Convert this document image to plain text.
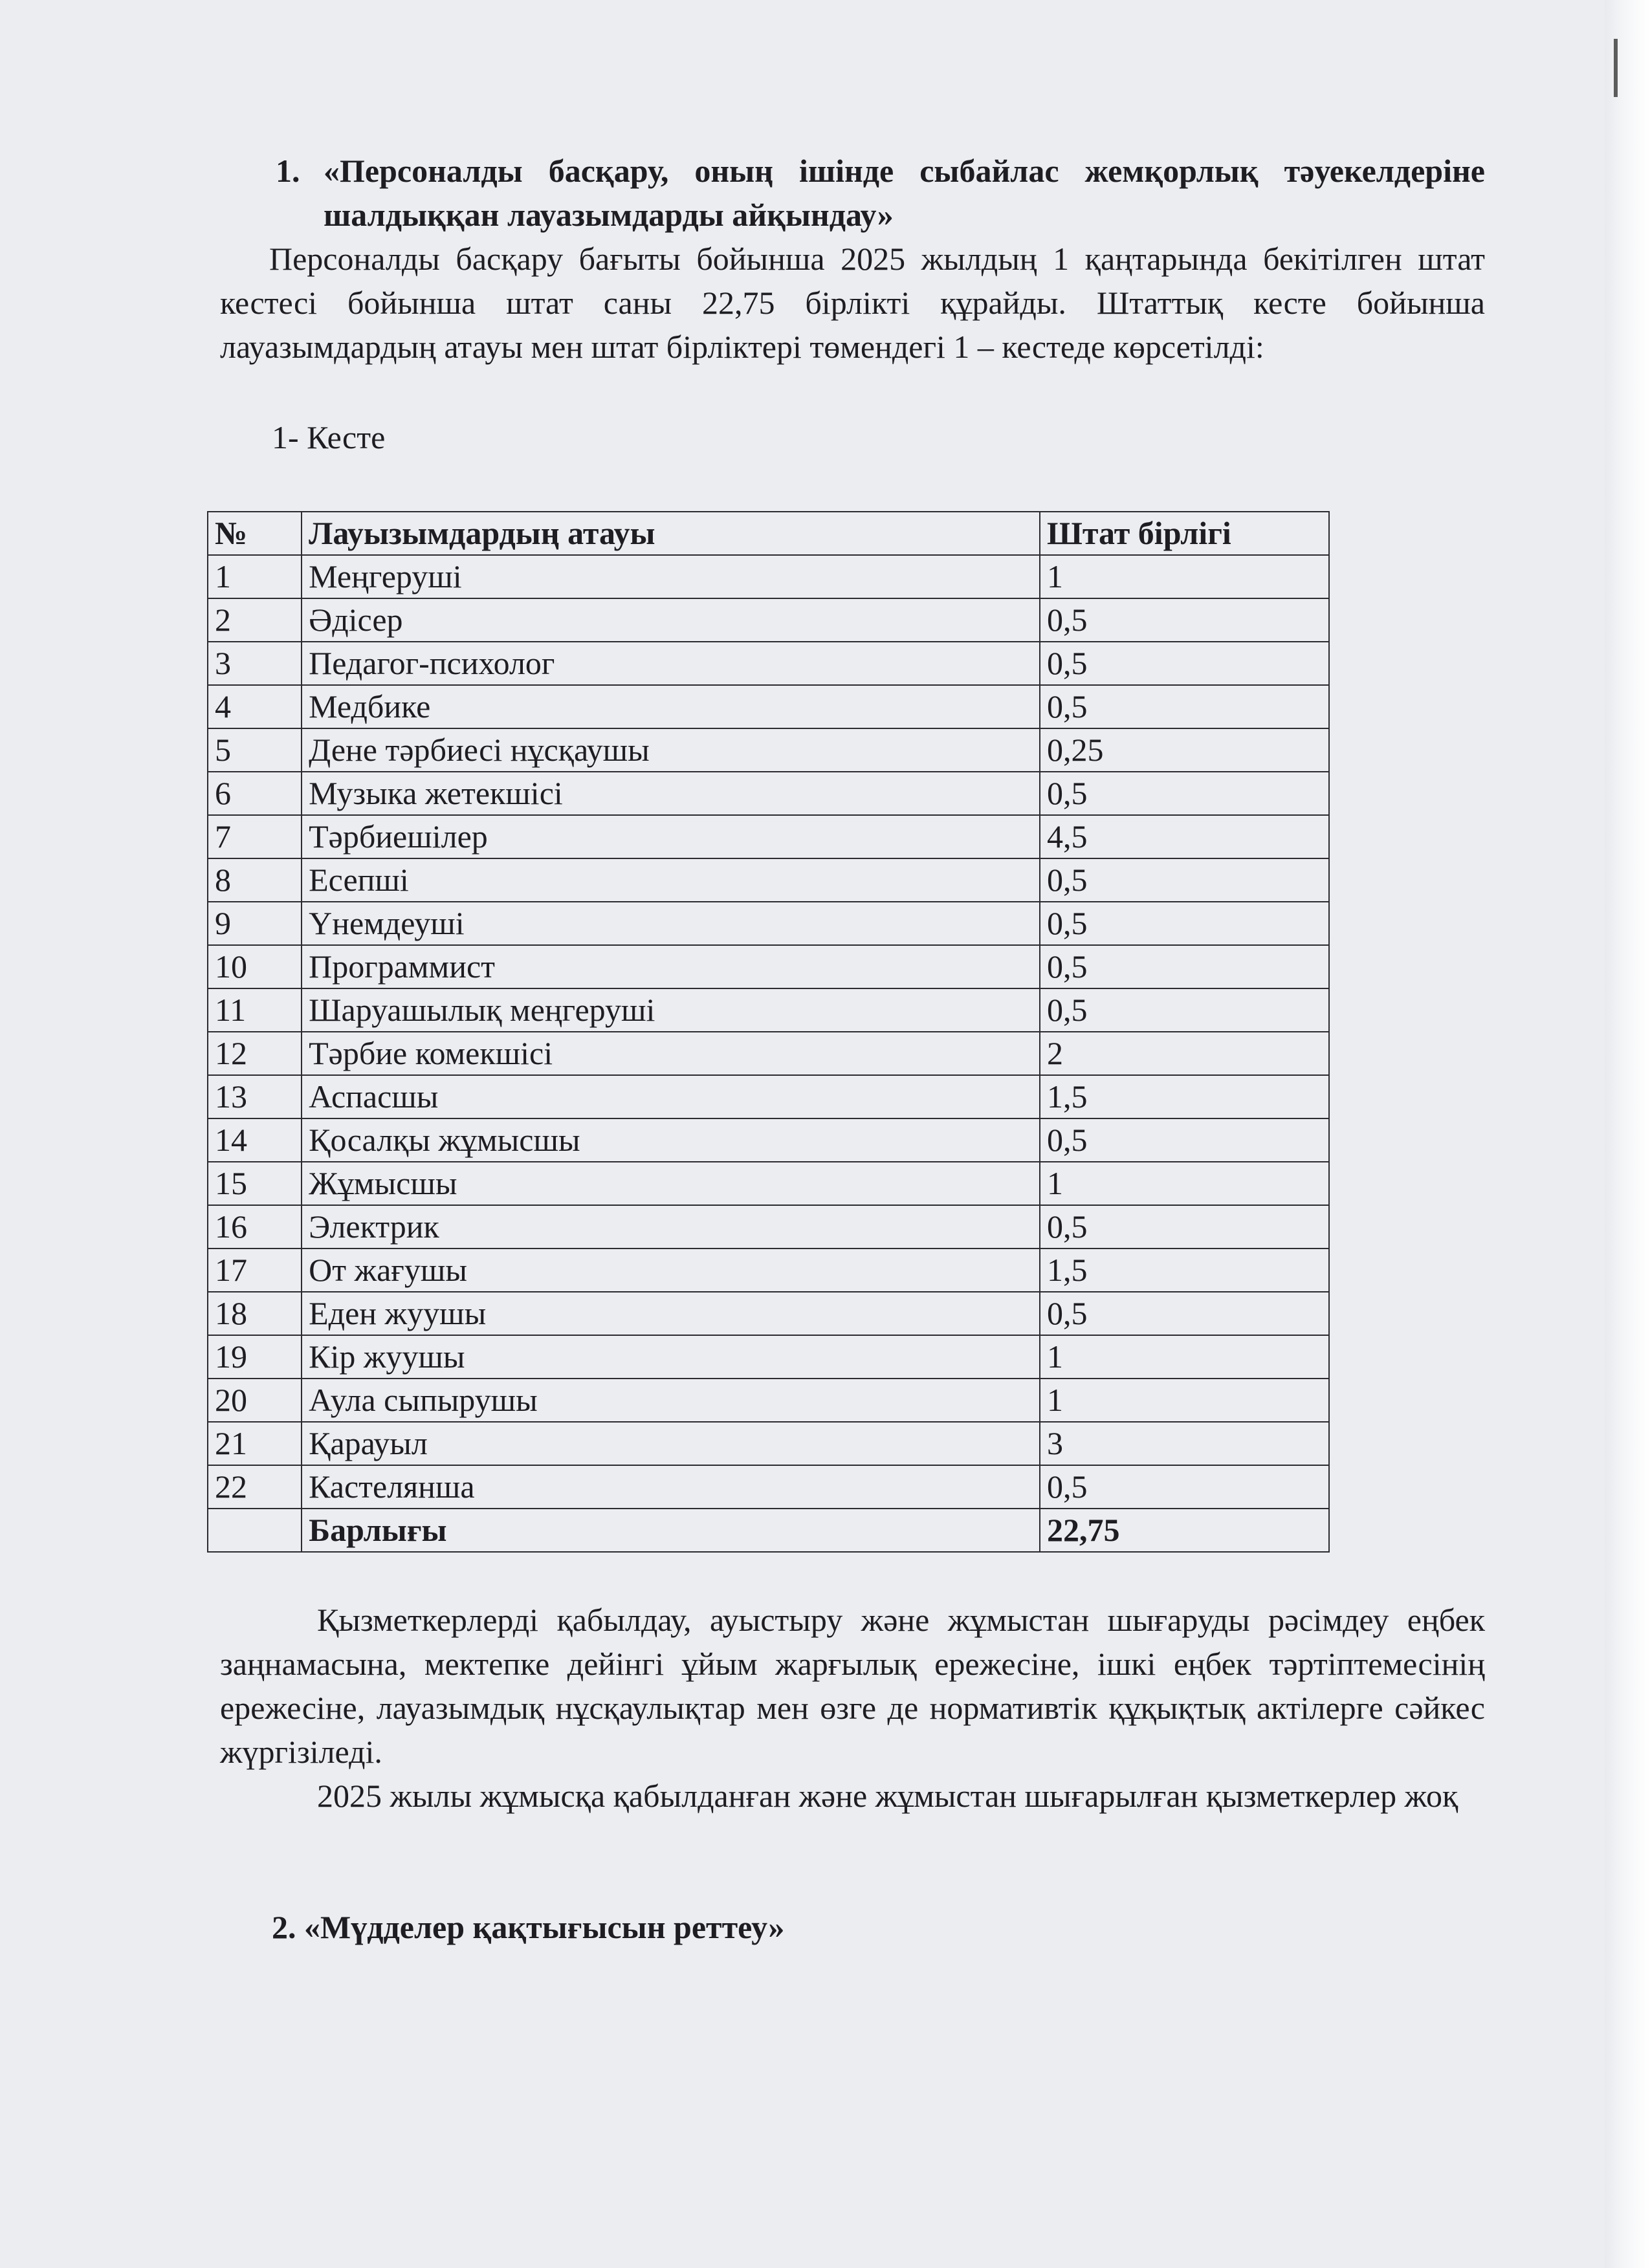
1. «Персоналды басқару, оның ішінде сыбайлас жемқорлық тәуекелдеріне шалдыққан лауазымдарды айқындау»

Персоналды басқару бағыты бойынша 2025 жылдың 1 қаңтарында бекітілген штат кестесі бойынша штат саны 22,75 бірлікті құрайды. Штаттық кесте бойынша лауазымдардың атауы мен штат бірліктері төмендегі 1 – кестеде көрсетілді:

1- Кесте
№	Лауызымдардың атауы	Штат бірлігі
1	Меңгеруші	1
2	Әдісер	0,5
3	Педагог-психолог	0,5
4	Медбике	0,5
5	Дене тәрбиесі нұсқаушы	0,25
6	Музыка жетекшісі	0,5
7	Тәрбиешілер	4,5
8	Есепші	0,5
9	Үнемдеуші	0,5
10	Программист	0,5
11	Шаруашылық меңгеруші	0,5
12	Тәрбие комекшісі	2
13	Аспасшы	1,5
14	Қосалқы жұмысшы	0,5
15	Жұмысшы	1
16	Электрик	0,5
17	От жағушы	1,5
18	Еден жуушы	0,5
19	Кір жуушы	1
20	Аула сыпырушы	1
21	Қарауыл	3
22	Кастелянша	0,5
	Барлығы	22,75

Қызметкерлерді қабылдау, ауыстыру және жұмыстан шығаруды рәсімдеу еңбек заңнамасына, мектепке дейінгі ұйым жарғылық ережесіне, ішкі еңбек тәртіптемесінің ережесіне, лауазымдық нұсқаулықтар мен өзге де нормативтік құқықтық актілерге сәйкес жүргізіледі.

2025 жылы жұмысқа қабылданған және жұмыстан шығарылған қызметкерлер жоқ

2. «Мүдделер қақтығысын реттеу»
